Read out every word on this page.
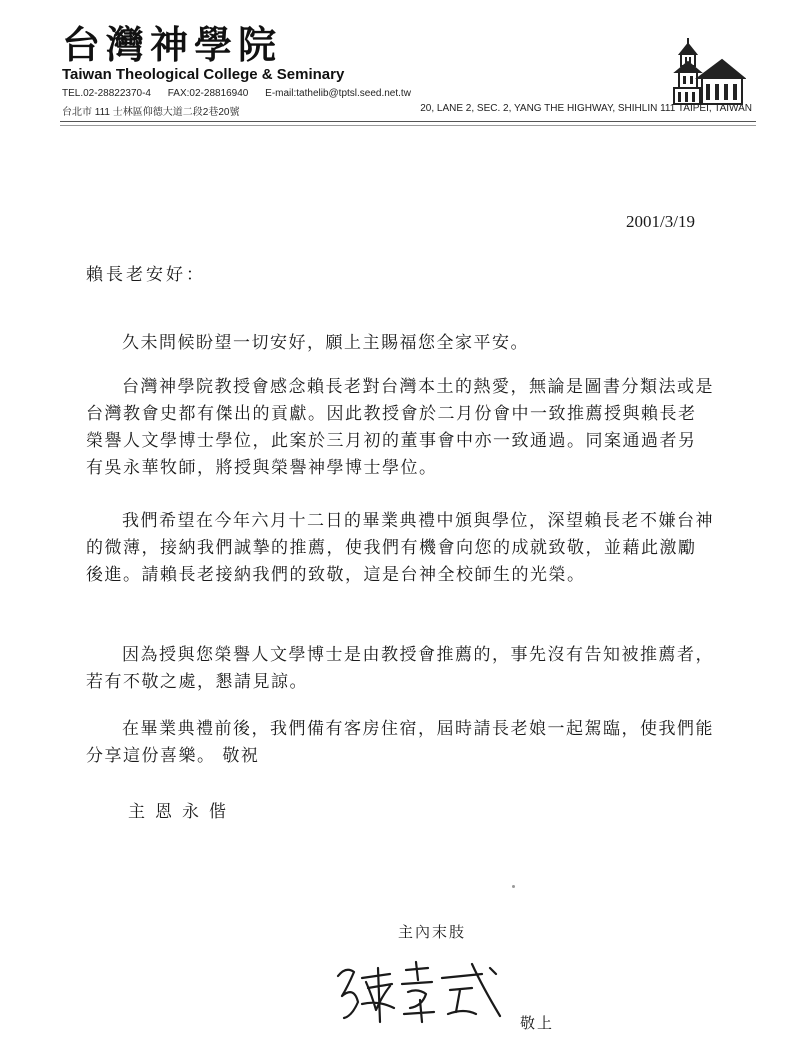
台灣神學院
Taiwan Theological College & Seminary
TEL.02-28822370-4 FAX:02-28816940 E-mail:tathelib@tptsl.seed.net.tw
台北市 111 士林區仰德大道二段2巷20號	20, LANE 2, SEC. 2, YANG THE HIGHWAY, SHIHLIN 111 TAIPEI, TAIWAN
2001/3/19
賴長老安好：

久未問候盼望一切安好，願上主賜福您全家平安。

台灣神學院教授會感念賴長老對台灣本土的熱愛，無論是圖書分類法或是台灣教會史都有傑出的貢獻。因此教授會於二月份會中一致推薦授與賴長老榮譽人文學博士學位，此案於三月初的董事會中亦一致通過。同案通過者另有吳永華牧師，將授與榮譽神學博士學位。

我們希望在今年六月十二日的畢業典禮中頒與學位，深望賴長老不嫌台神的微薄，接納我們誠摯的推薦，使我們有機會向您的成就致敬，並藉此激勵後進。請賴長老接納我們的致敬，這是台神全校師生的光榮。

因為授與您榮譽人文學博士是由教授會推薦的，事先沒有告知被推薦者，若有不敬之處，懇請見諒。

在畢業典禮前後，我們備有客房住宿，屆時請長老娘一起駕臨，使我們能分享這份喜樂。 敬祝

主恩永偕
主內末肢
敬上
